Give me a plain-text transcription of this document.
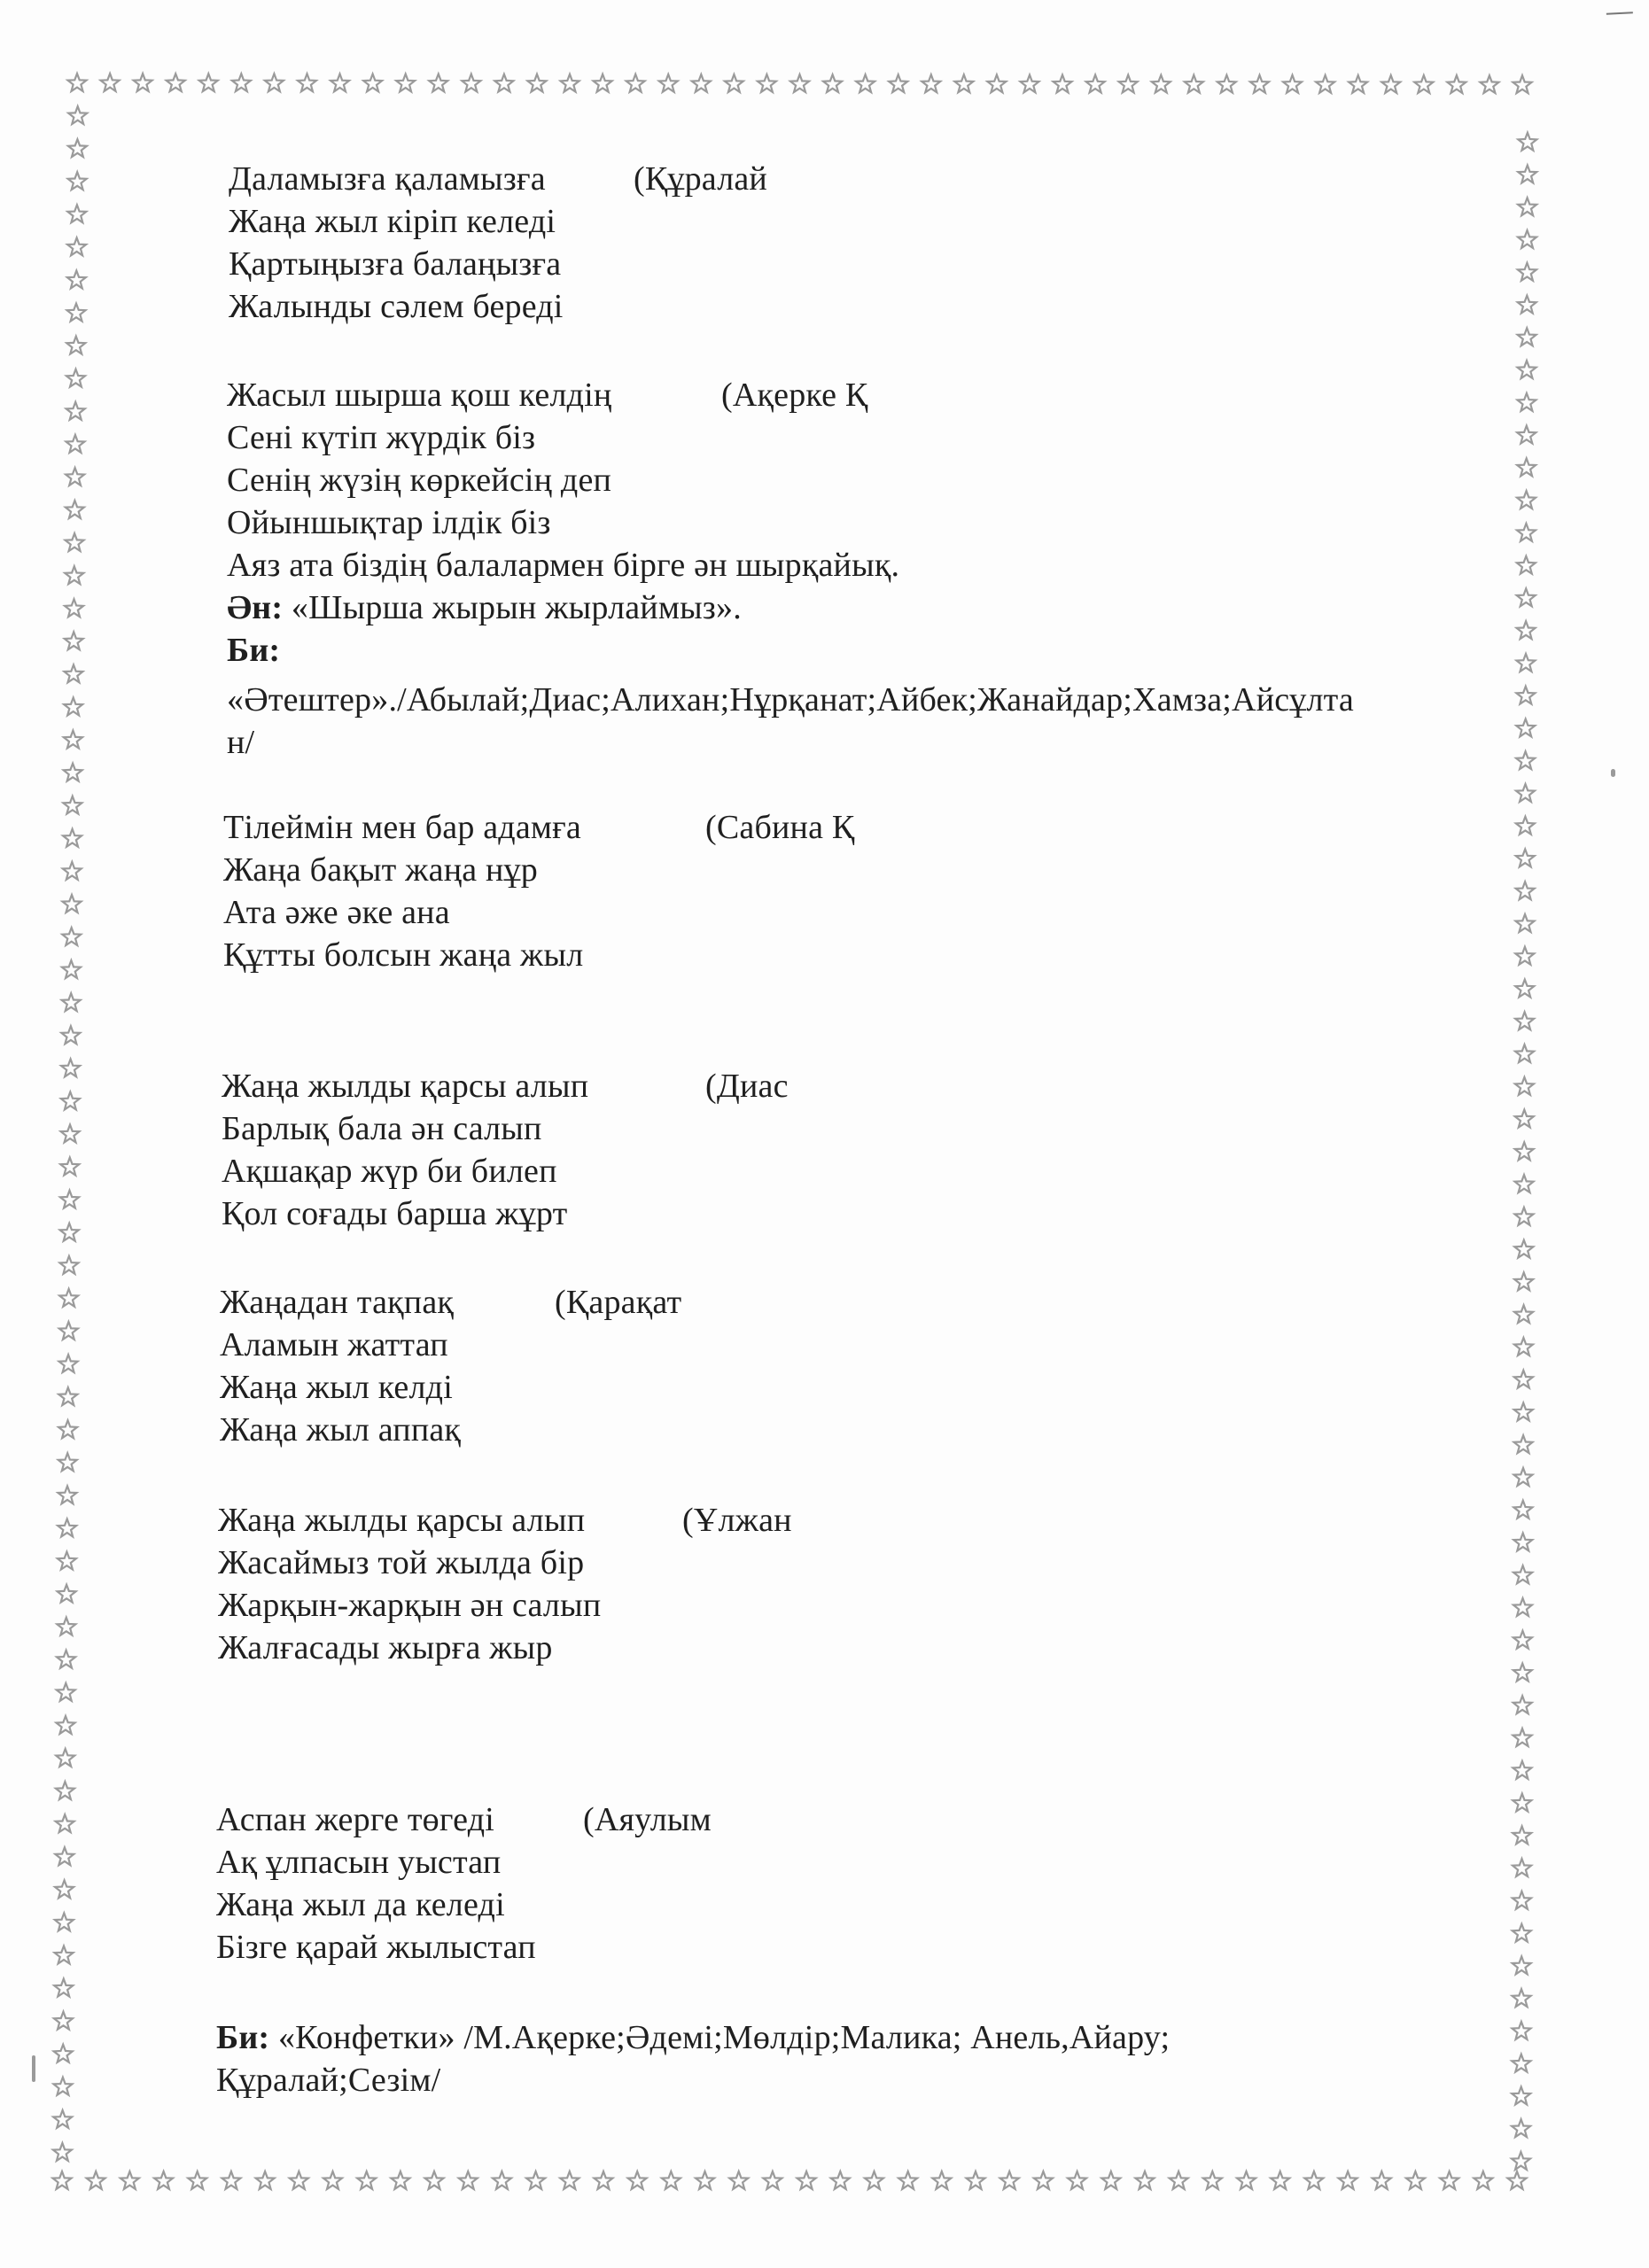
Даламызға қаламызға	(Құралай
Жаңа жыл кіріп келеді
Қартыңызға балаңызға
Жалынды сәлем береді
Жасыл шырша қош келдің	(Ақерке Қ
Сені күтіп жүрдік біз
Сенің жүзің көркейсің деп
Ойыншықтар ілдік біз
Аяз ата біздің балалармен бірге ән шырқайық.
Ән: «Шырша жырын жырлаймыз».
Би:
«Әтештер»./Абылай;Диас;Алихан;Нұрқанат;Айбек;Жанайдар;Хамза;Айсұлта
н/
Тілеймін мен бар адамға	(Сабина Қ
Жаңа бақыт жаңа нұр
Ата әже әке ана
Құтты болсын жаңа жыл
Жаңа жылды қарсы алып	(Диас
Барлық бала ән салып
Ақшақар жүр би билеп
Қол соғады барша жұрт
Жаңадан тақпақ	(Қарақат
Аламын жаттап
Жаңа жыл келді
Жаңа жыл аппақ
Жаңа жылды қарсы алып	(Ұлжан
Жасаймыз той жылда бір
Жарқын-жарқын ән салып
Жалғасады жырға жыр
Аспан жерге төгеді	(Аяулым
Ақ ұлпасын уыстап
Жаңа жыл да келеді
Бізге қарай жылыстап
Би: «Конфетки» /М.Ақерке;Әдемі;Мөлдір;Малика; Анель,Айару;
Құралай;Сезім/
